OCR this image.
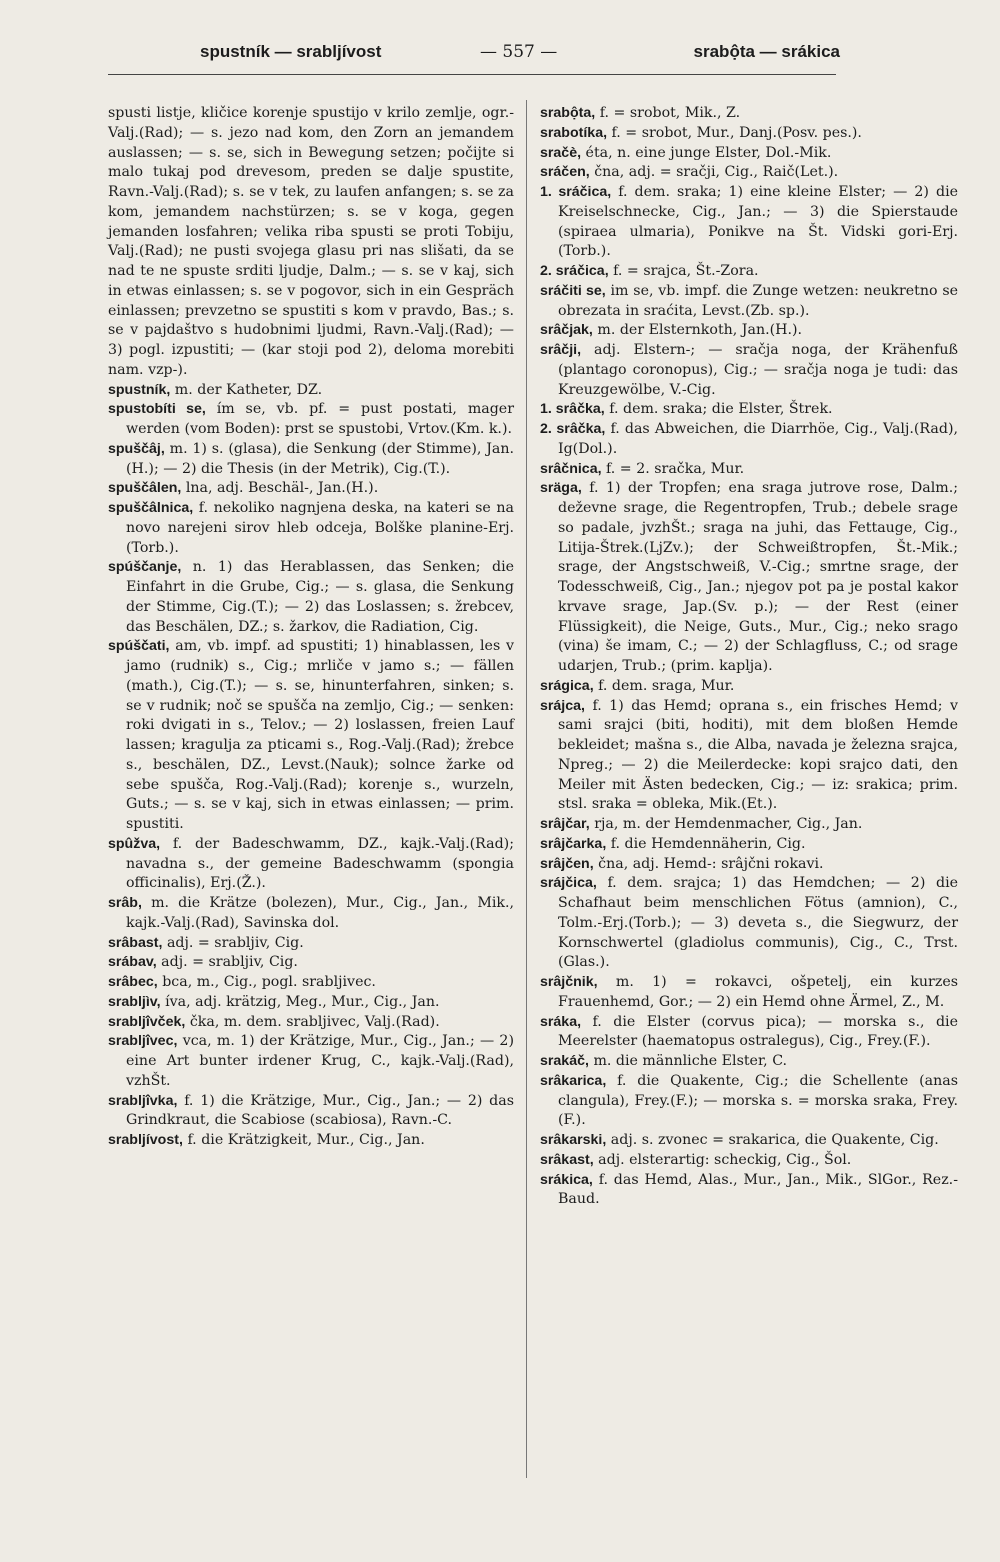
spustník — srabljívost	— 557 —	srabộta — srákica

spusti listje, kličice korenje spustijo v krilo zemlje, ogr.-Valj.(Rad); — s. jezo nad kom, den Zorn an jemandem auslassen; — s. se, sich in Bewegung setzen; počijte si malo tukaj pod drevesom, preden se dalje spustite, Ravn.-Valj.(Rad); s. se v tek, zu laufen anfangen; s. se za kom, jemandem nachstürzen; s. se v koga, gegen jemanden losfahren; velika riba spusti se proti Tobiju, Valj.(Rad); ne pusti svojega glasu pri nas slišati, da se nad te ne spuste srditi ljudje, Dalm.; — s. se v kaj, sich in etwas einlassen; s. se v pogovor, sich in ein Gespräch einlassen; prevzetno se spustiti s kom v pravdo, Bas.; s. se v pajdaštvo s hudobnimi ljudmi, Ravn.-Valj.(Rad); — 3) pogl. izpustiti; — (kar stoji pod 2), deloma morebiti nam. vzp-).

spustník, m. der Katheter, DZ.

spustobíti se, ím se, vb. pf. = pust postati, mager werden (vom Boden): prst se spustobi, Vrtov.(Km. k.).

spuščâj, m. 1) s. (glasa), die Senkung (der Stimme), Jan.(H.); — 2) die Thesis (in der Metrik), Cig.(T.).

spuščâlen, lna, adj. Beschäl-, Jan.(H.).

spuščâlnica, f. nekoliko nagnjena deska, na kateri se na novo narejeni sirov hleb odceja, Bolške planine-Erj.(Torb.).

spúščanje, n. 1) das Herablassen, das Senken; die Einfahrt in die Grube, Cig.; — s. glasa, die Senkung der Stimme, Cig.(T.); — 2) das Loslassen; s. žrebcev, das Beschälen, DZ.; s. žarkov, die Radiation, Cig.

spúščati, am, vb. impf. ad spustiti; 1) hinablassen, les v jamo (rudnik) s., Cig.; mrliče v jamo s.; — fällen (math.), Cig.(T.); — s. se, hinunterfahren, sinken; s. se v rudnik; noč se spušča na zemljo, Cig.; — senken: roki dvigati in s., Telov.; — 2) loslassen, freien Lauf lassen; kragulja za pticami s., Rog.-Valj.(Rad); žrebce s., beschälen, DZ., Levst.(Nauk); solnce žarke od sebe spušča, Rog.-Valj.(Rad); korenje s., wurzeln, Guts.; — s. se v kaj, sich in etwas einlassen; — prim. spustiti.

spûžva, f. der Badeschwamm, DZ., kajk.-Valj.(Rad); navadna s., der gemeine Badeschwamm (spongia officinalis), Erj.(Ž.).

srâb, m. die Krätze (bolezen), Mur., Cig., Jan., Mik., kajk.-Valj.(Rad), Savinska dol.

srâbast, adj. = srabljiv, Cig.

srábav, adj. = srabljiv, Cig.

srâbec, bca, m., Cig., pogl. srabljivec.

srabljìv, íva, adj. krätzig, Meg., Mur., Cig., Jan.

srabljîvček, čka, m. dem. srabljivec, Valj.(Rad).

srabljîvec, vca, m. 1) der Krätzige, Mur., Cig., Jan.; — 2) eine Art bunter irdener Krug, C., kajk.-Valj.(Rad), vzhŠt.

srabljîvka, f. 1) die Krätzige, Mur., Cig., Jan.; — 2) das Grindkraut, die Scabiose (scabiosa), Ravn.-C.

srabljívost, f. die Krätzigkeit, Mur., Cig., Jan.

srabộta, f. = srobot, Mik., Z.

srabotíka, f. = srobot, Mur., Danj.(Posv. pes.).

sračè, éta, n. eine junge Elster, Dol.-Mik.

sráčen, čna, adj. = sračji, Cig., Raič(Let.).

1. sráčica, f. dem. sraka; 1) eine kleine Elster; — 2) die Kreiselschnecke, Cig., Jan.; — 3) die Spierstaude (spiraea ulmaria), Ponikve na Št. Vidski gori-Erj.(Torb.).

2. sráčica, f. = srajca, Št.-Zora.

sráčiti se, im se, vb. impf. die Zunge wetzen: neukretno se obrezata in sraćita, Levst.(Zb. sp.).

srâčjak, m. der Elsternkoth, Jan.(H.).

srâčji, adj. Elstern-; — sračja noga, der Krähenfuß (plantago coronopus), Cig.; — sračja noga je tudi: das Kreuzgewölbe, V.-Cig.

1. srâčka, f. dem. sraka; die Elster, Štrek.

2. srâčka, f. das Abweichen, die Diarrhöe, Cig., Valj.(Rad), Ig(Dol.).

srâčnica, f. = 2. sračka, Mur.

sräga, f. 1) der Tropfen; ena sraga jutrove rose, Dalm.; deževne srage, die Regentropfen, Trub.; debele srage so padale, jvzhŠt.; sraga na juhi, das Fettauge, Cig., Litija-Štrek.(LjZv.); der Schweißtropfen, Št.-Mik.; srage, der Angstschweiß, V.-Cig.; smrtne srage, der Todesschweiß, Cig., Jan.; njegov pot pa je postal kakor krvave srage, Jap.(Sv. p.); — der Rest (einer Flüssigkeit), die Neige, Guts., Mur., Cig.; neko srago (vina) še imam, C.; — 2) der Schlagfluss, C.; od srage udarjen, Trub.; (prim. kaplja).

srágica, f. dem. sraga, Mur.

srájca, f. 1) das Hemd; oprana s., ein frisches Hemd; v sami srajci (biti, hoditi), mit dem bloßen Hemde bekleidet; mašna s., die Alba, navada je železna srajca, Npreg.; — 2) die Meilerdecke: kopi srajco dati, den Meiler mit Ästen bedecken, Cig.; — iz: srakica; prim. stsl. sraka = obleka, Mik.(Et.).

srâjčar, rja, m. der Hemdenmacher, Cig., Jan.

srâjčarka, f. die Hemdennäherin, Cig.

srâjčen, čna, adj. Hemd-: srâjčni rokavi.

srájčica, f. dem. srajca; 1) das Hemdchen; — 2) die Schafhaut beim menschlichen Fötus (amnion), C., Tolm.-Erj.(Torb.); — 3) deveta s., die Siegwurz, der Kornschwertel (gladiolus communis), Cig., C., Trst.(Glas.).

srâjčnik, m. 1) = rokavci, ošpetelj, ein kurzes Frauenhemd, Gor.; — 2) ein Hemd ohne Ärmel, Z., M.

sráka, f. die Elster (corvus pica); — morska s., die Meerelster (haematopus ostralegus), Cig., Frey.(F.).

srakáč, m. die männliche Elster, C.

srâkarica, f. die Quakente, Cig.; die Schellente (anas clangula), Frey.(F.); — morska s. = morska sraka, Frey.(F.).

srâkarski, adj. s. zvonec = srakarica, die Quakente, Cig.

srâkast, adj. elsterartig: scheckig, Cig., Šol.

srákica, f. das Hemd, Alas., Mur., Jan., Mik., SlGor., Rez.-Baud.
